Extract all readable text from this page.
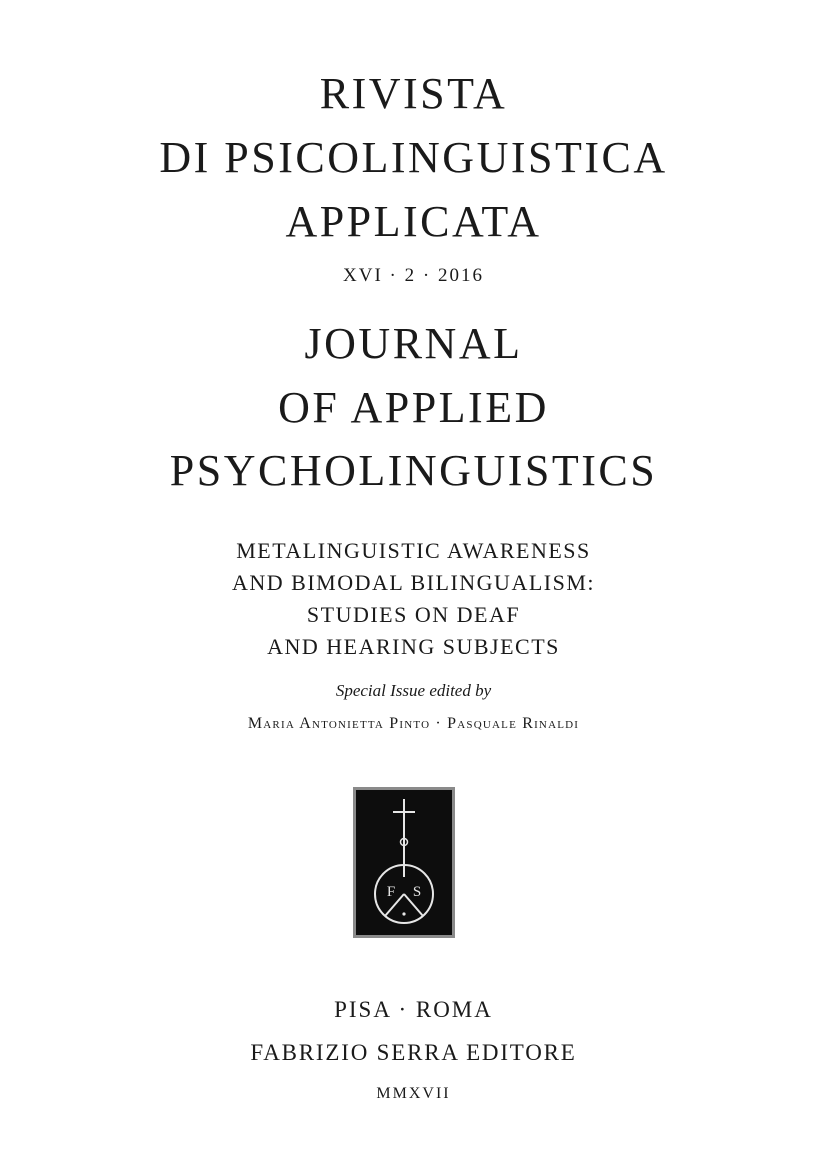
RIVISTA
DI PSICOLINGUISTICA
APPLICATA
XVI · 2 · 2016
JOURNAL
OF APPLIED
PSYCHOLINGUISTICS
METALINGUISTIC AWARENESS
AND BIMODAL BILINGUALISM:
STUDIES ON DEAF
AND HEARING SUBJECTS
Special Issue edited by
Maria Antonietta Pinto · Pasquale Rinaldi
F S
PISA · ROMA
FABRIZIO SERRA EDITORE
MMXVII
